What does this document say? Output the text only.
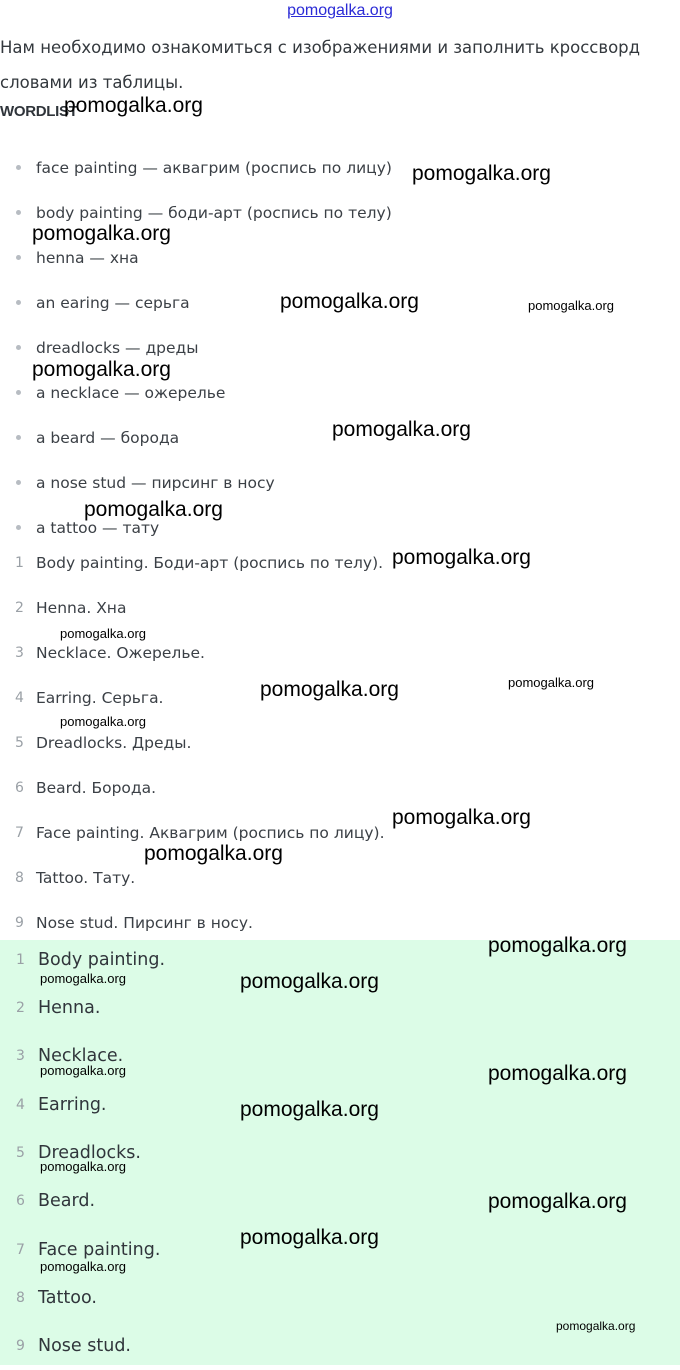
pomogalka.org
Нам необходимо ознакомиться с изображениями и заполнить кроссворд словами из таблицы.
WORDLIST
face painting — аквагрим (роспись по лицу)
body painting — боди-арт (роспись по телу)
henna — хна
an earing — серьга
dreadlocks — дреды
a necklace — ожерелье
a beard — борода
a nose stud — пирсинг в носу
a tattoo — тату
1 Body painting. Боди-арт (роспись по телу).
2 Henna. Хна
3 Necklace. Ожерелье.
4 Earring. Серьга.
5 Dreadlocks. Дреды.
6 Beard. Борода.
7 Face painting. Аквагрим (роспись по лицу).
8 Tattoo. Тату.
9 Nose stud. Пирсинг в носу.
1 Body painting.
2 Henna.
3 Necklace.
4 Earring.
5 Dreadlocks.
6 Beard.
7 Face painting.
8 Tattoo.
9 Nose stud.
pomogalka.org
pomogalka.org
pomogalka.org
pomogalka.org	pomogalka.org
pomogalka.org
pomogalka.org
pomogalka.org
pomogalka.org
pomogalka.org
pomogalka.org	pomogalka.org
pomogalka.org
pomogalka.org
pomogalka.org
pomogalka.org
pomogalka.org	pomogalka.org
pomogalka.org	pomogalka.org
pomogalka.org
pomogalka.org
pomogalka.org
pomogalka.org
pomogalka.org
pomogalka.org
